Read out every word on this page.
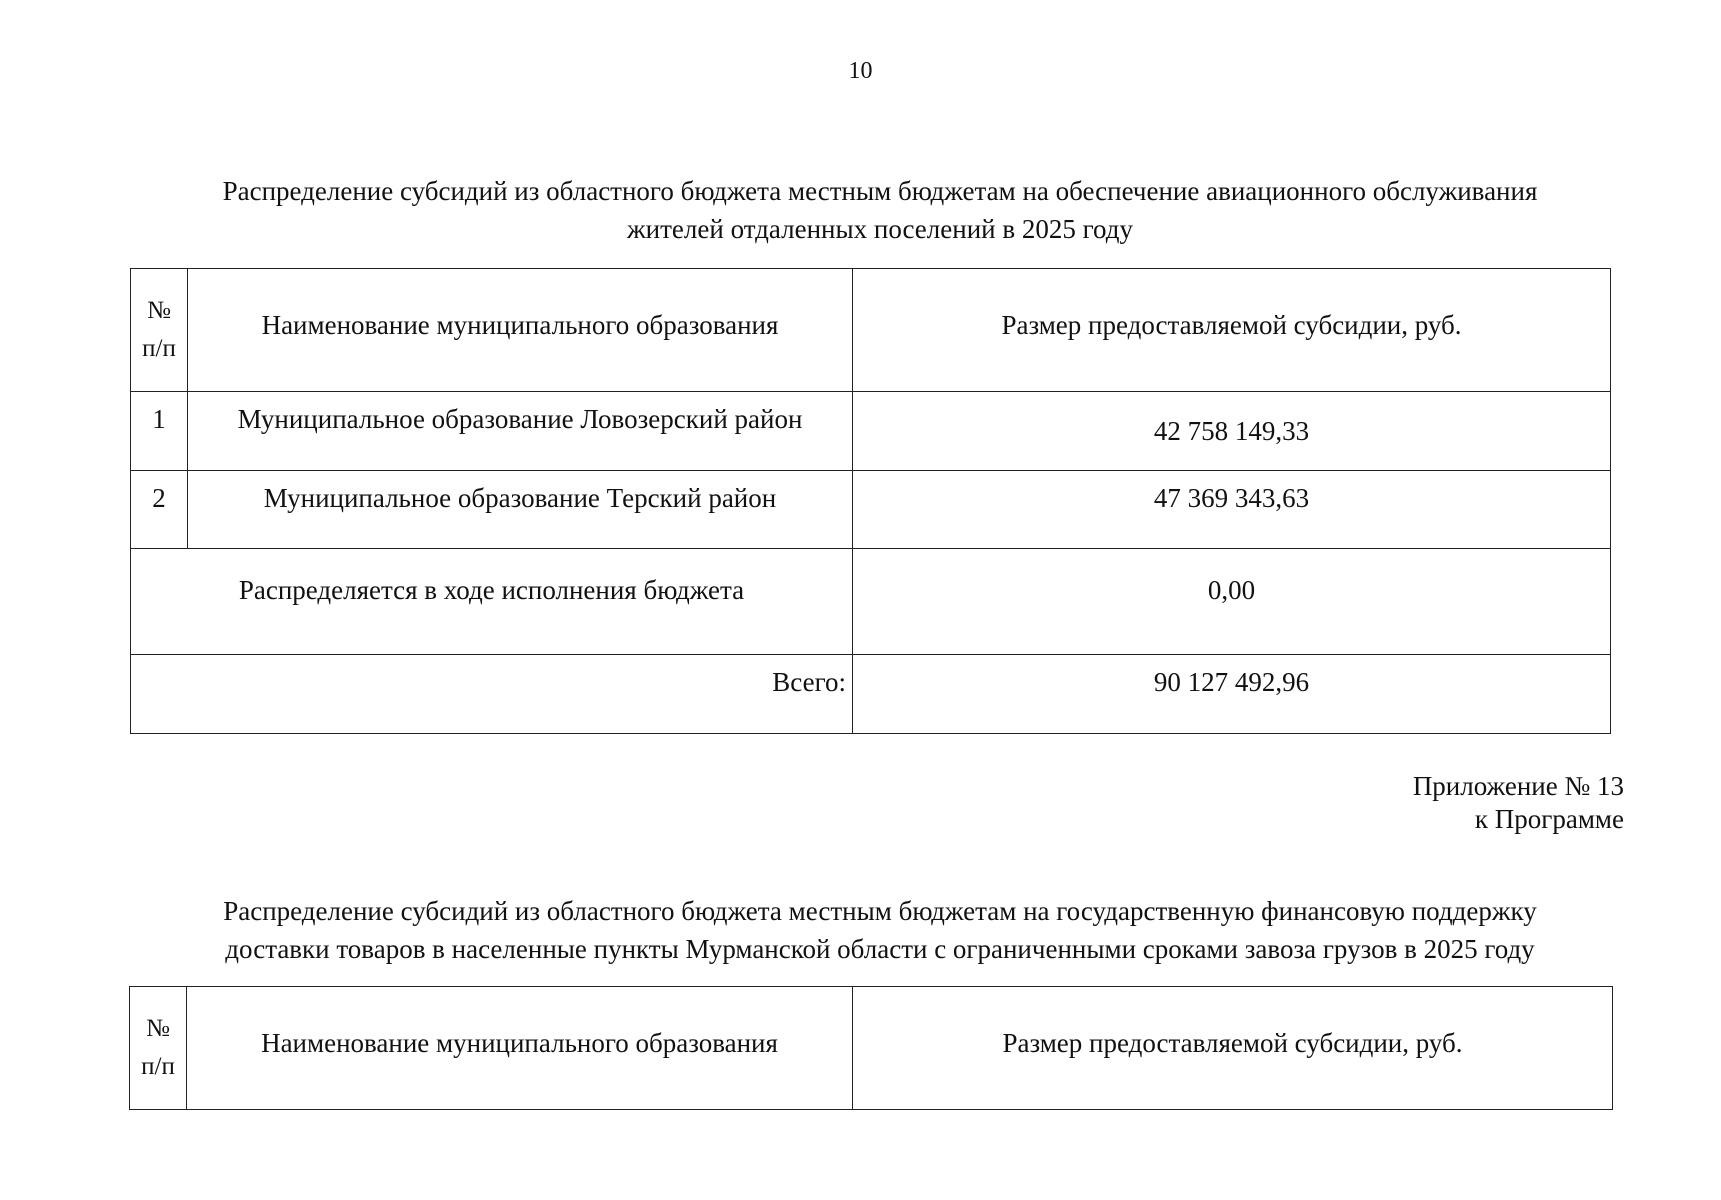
10
Распределение субсидий из областного бюджета местным бюджетам на обеспечение авиационного обслуживания
жителей отдаленных поселений в 2025 году
№
п/п	Наименование муниципального образования	Размер предоставляемой субсидии, руб.
1	Муниципальное образование Ловозерский район	42 758 149,33
2	Муниципальное образование Терский район	47 369 343,63
Распределяется в ходе исполнения бюджета		0,00
Всего:		90 127 492,96
Приложение № 13
к Программе
Распределение субсидий из областного бюджета местным бюджетам на государственную финансовую поддержку
доставки товаров в населенные пункты Мурманской области с ограниченными сроками завоза грузов в 2025 году
№
п/п
	Наименование муниципального образования	Размер предоставляемой субсидии, руб.
